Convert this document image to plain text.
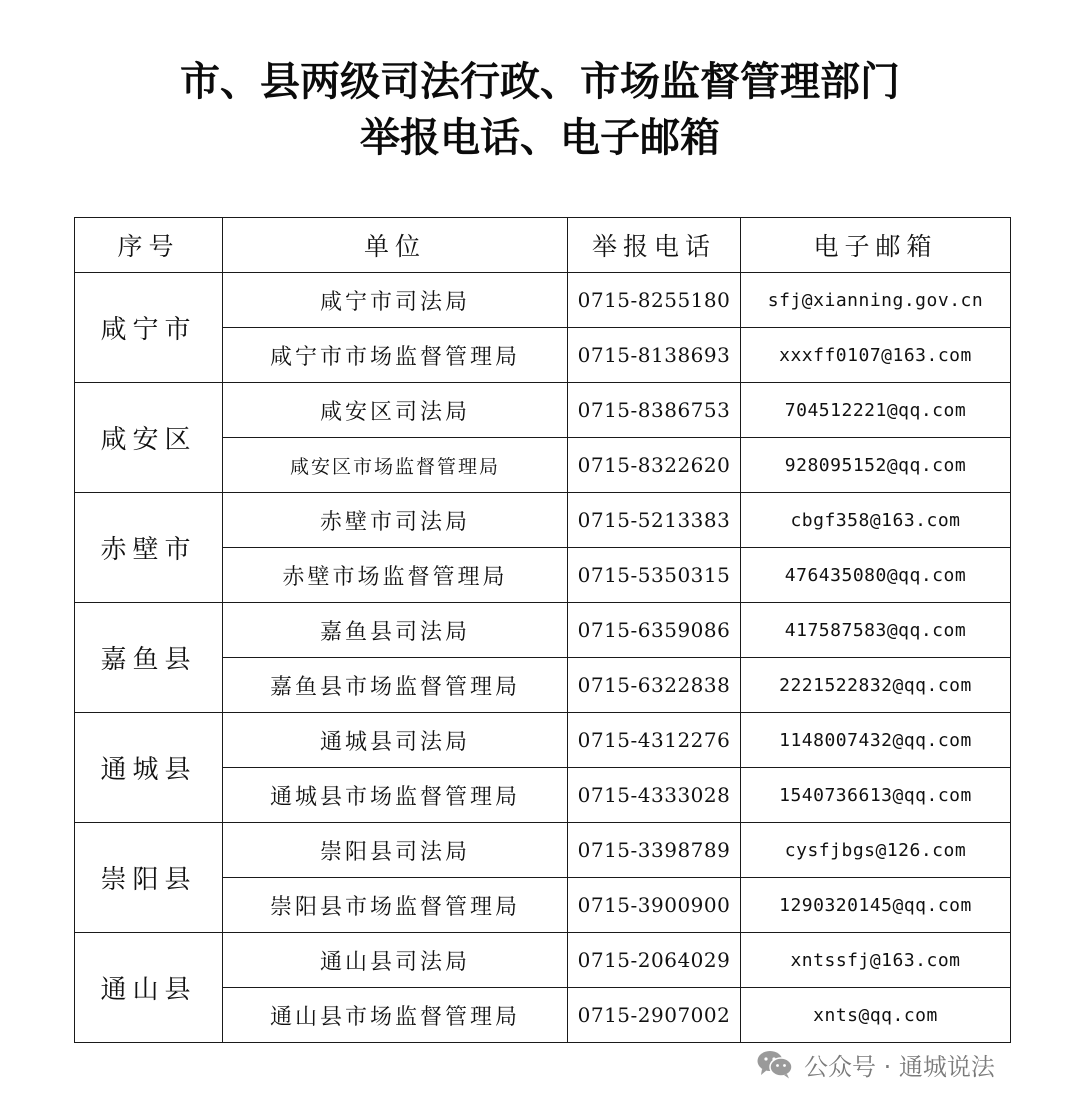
市、县两级司法行政、市场监督管理部门
举报电话、电子邮箱
序号	单位	举报电话	电子邮箱
咸宁市	咸宁市司法局	0715-8255180	sfj@xianning.gov.cn
	咸宁市市场监督管理局	0715-8138693	xxxff0107@163.com
咸安区	咸安区司法局	0715-8386753	704512221@qq.com
	咸安区市场监督管理局	0715-8322620	928095152@qq.com
赤壁市	赤壁市司法局	0715-5213383	cbgf358@163.com
	赤壁市场监督管理局	0715-5350315	476435080@qq.com
嘉鱼县	嘉鱼县司法局	0715-6359086	417587583@qq.com
	嘉鱼县市场监督管理局	0715-6322838	2221522832@qq.com
通城县	通城县司法局	0715-4312276	1148007432@qq.com
	通城县市场监督管理局	0715-4333028	1540736613@qq.com
崇阳县	崇阳县司法局	0715-3398789	cysfjbgs@126.com
	崇阳县市场监督管理局	0715-3900900	1290320145@qq.com
通山县	通山县司法局	0715-2064029	xntssfj@163.com
	通山县市场监督管理局	0715-2907002	xnts@qq.com
公众号 · 通城说法
